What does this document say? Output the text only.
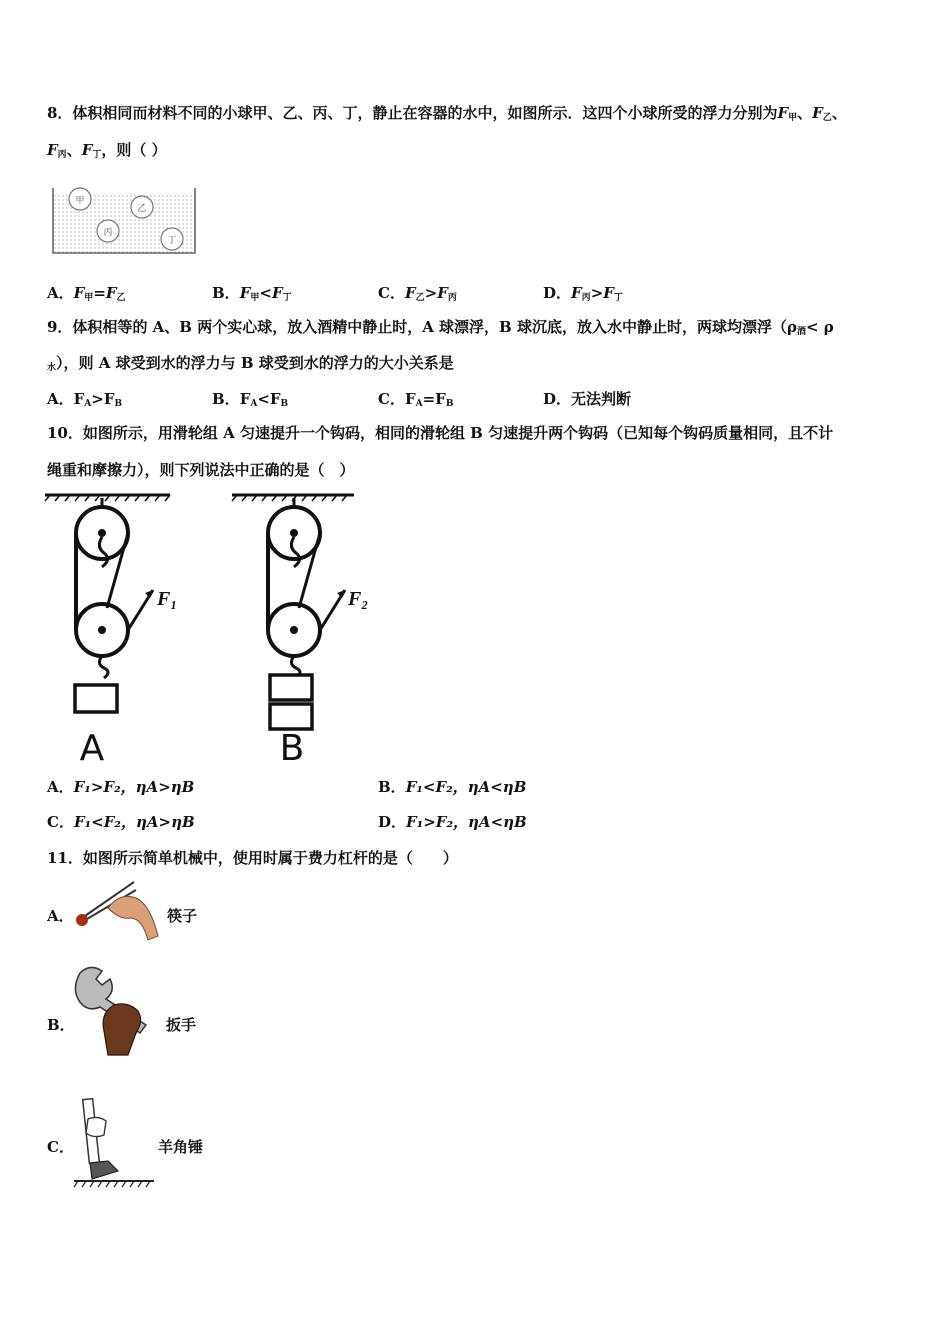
8．体积相同而材料不同的小球甲、乙、丙、丁，静止在容器的水中，如图所示．这四个小球所受的浮力分别为$F_甲$、$F_乙$、
$F_丙$、$F_丁$，则（ ）
甲
乙
丙
丁
A．$F_甲=F_乙$	B．$F_甲<F_丁$	C．$F_乙>F_丙$	D．$F_丙>F_丁$
9．体积相等的 A、B 两个实心球，放入酒精中静止时，A 球漂浮，B 球沉底，放入水中静止时，两球均漂浮（$\rho_酒< \rho$
$_水$），则 A 球受到水的浮力与 B 球受到水的浮力的大小关系是
A．$F_A>F_B$	B．$F_A<F_B$	C．$F_A=F_B$	D．无法判断
10．如图所示，用滑轮组 A 匀速提升一个钩码，相同的滑轮组 B 匀速提升两个钩码（已知每个钩码质量相同，且不计
绳重和摩擦力），则下列说法中正确的是（　）
F₁
A
F₂
B
A．F₁>F₂，ηA>ηB	B．F₁<F₂，ηA<ηB
C．F₁<F₂，ηA>ηB	D．F₁>F₂，ηA<ηB
11．如图所示简单机械中，使用时属于费力杠杆的是（　　）
A．	筷子
B．	扳手
C．	羊角锤
